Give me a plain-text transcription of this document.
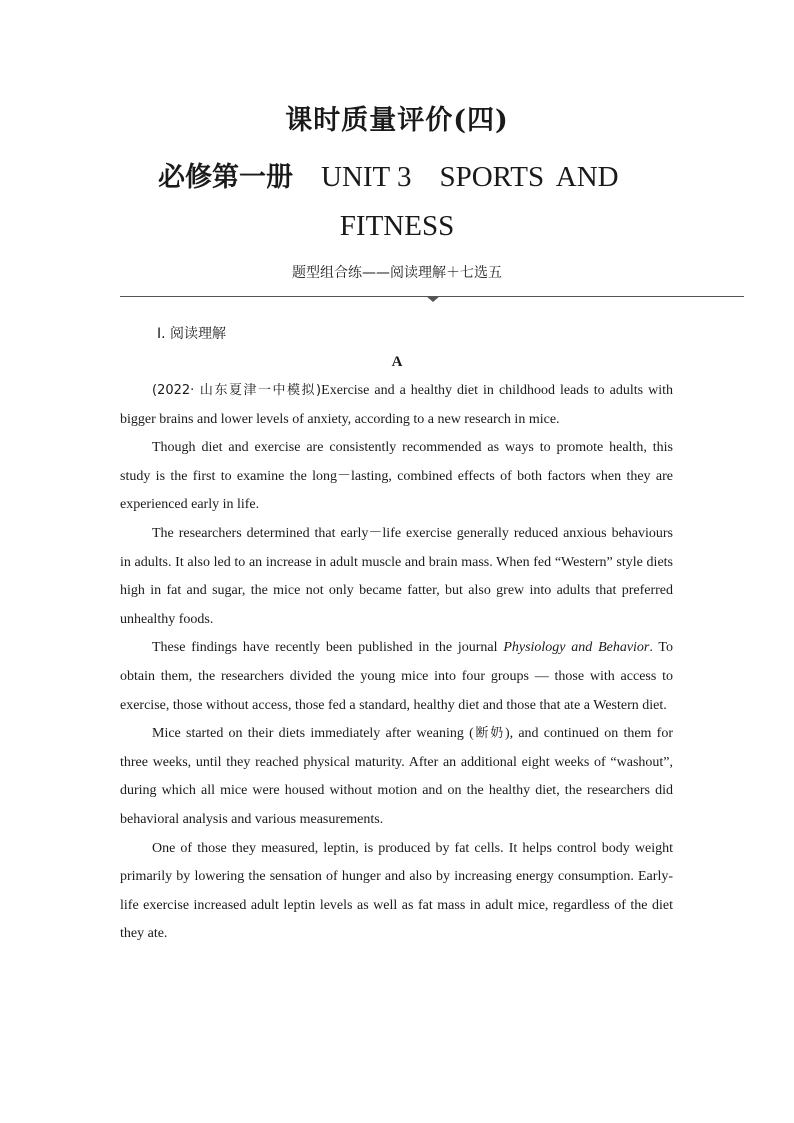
课时质量评价(四)
必修第一册 UNIT 3 SPORTS AND
FITNESS
题型组合练——阅读理解＋七选五
Ⅰ. 阅读理解
A

(2022· 山东夏津一中模拟)Exercise and a healthy diet in childhood leads to adults with bigger brains and lower levels of anxiety, according to a new research in mice.

Though diet and exercise are consistently recommended as ways to promote health, this study is the first to examine the long－lasting, combined effects of both factors when they are experienced early in life.

The researchers determined that early－life exercise generally reduced anxious behaviours in adults. It also led to an increase in adult muscle and brain mass. When fed “Western” style diets high in fat and sugar, the mice not only became fatter, but also grew into adults that preferred unhealthy foods.

These findings have recently been published in the journal Physiology and Behavior. To obtain them, the researchers divided the young mice into four groups — those with access to exercise, those without access, those fed a standard, healthy diet and those that ate a Western diet.

Mice started on their diets immediately after weaning (断奶), and continued on them for three weeks, until they reached physical maturity. After an additional eight weeks of “washout”, during which all mice were housed without motion and on the healthy diet, the researchers did behavioral analysis and various measurements.

One of those they measured, leptin, is produced by fat cells. It helps control body weight primarily by lowering the sensation of hunger and also by increasing energy consumption. Early-life exercise increased adult leptin levels as well as fat mass in adult mice, regardless of the diet they ate.
